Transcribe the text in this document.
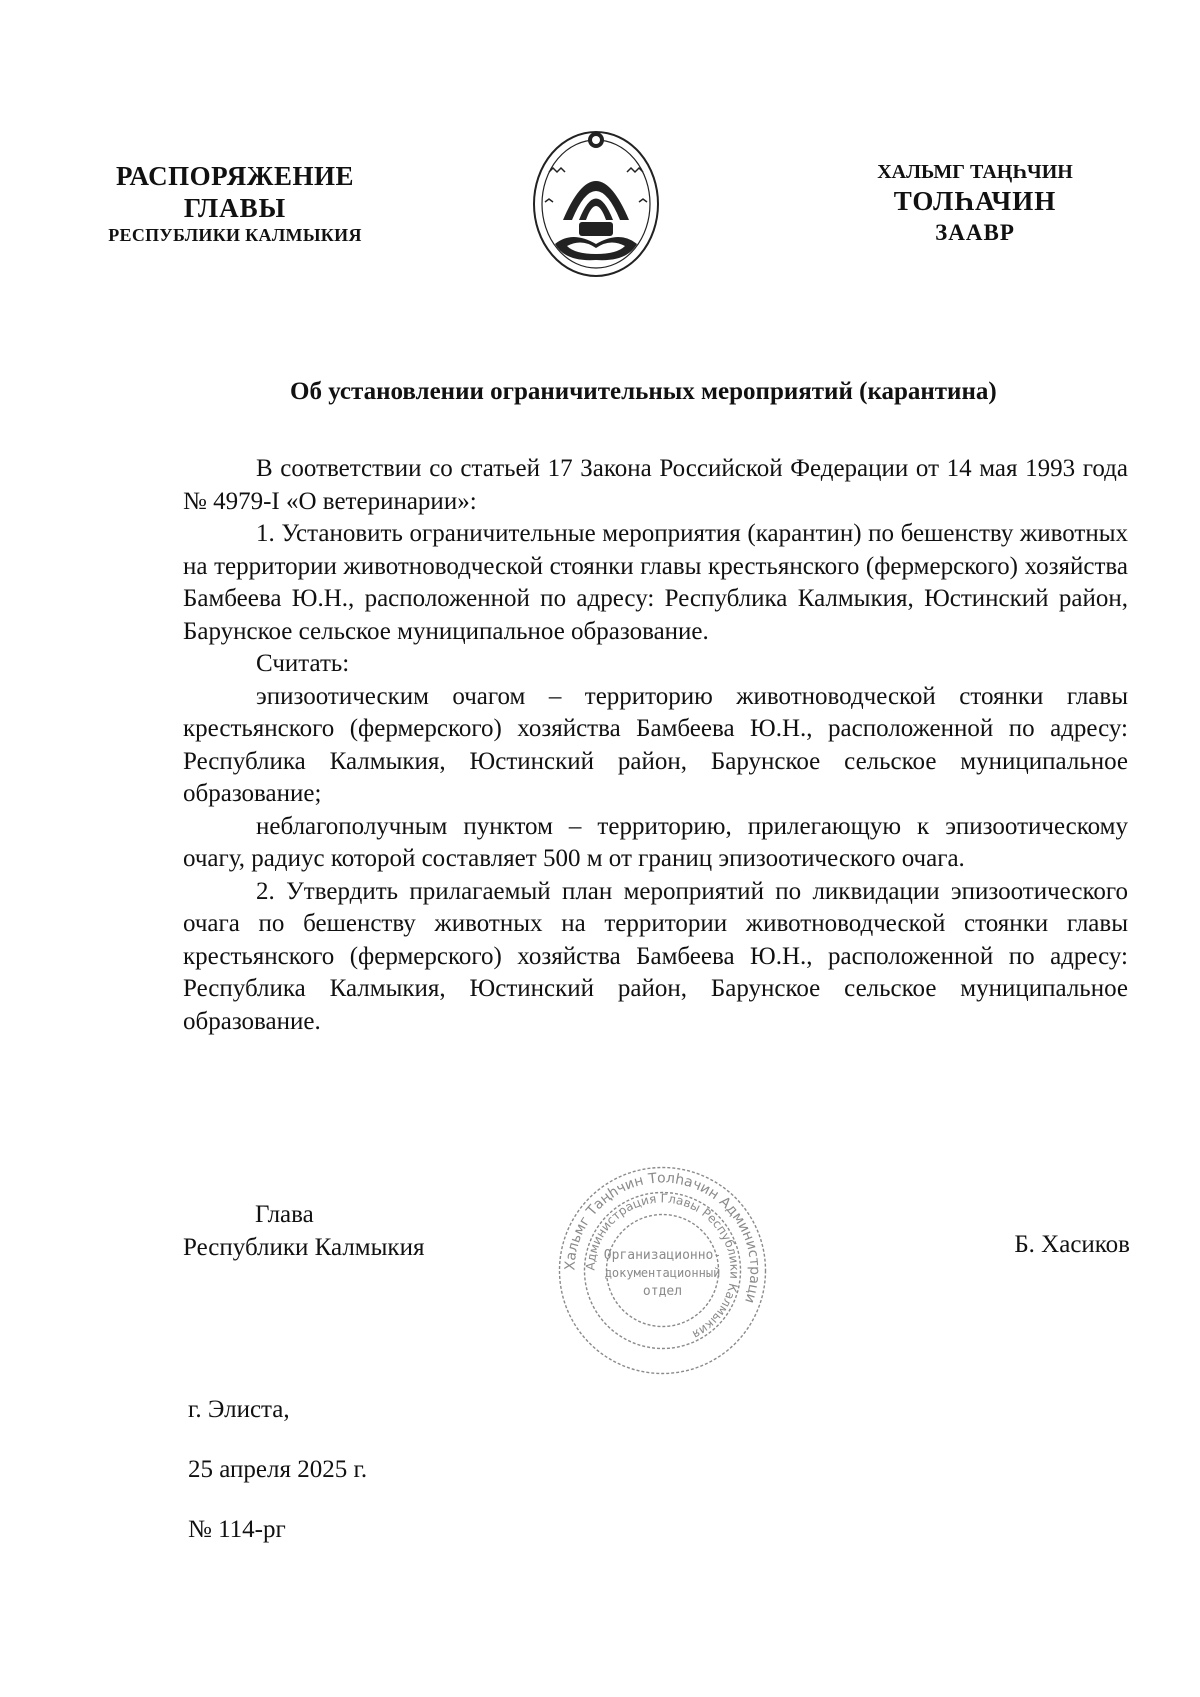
РАСПОРЯЖЕНИЕ
ГЛАВЫ
РЕСПУБЛИКИ КАЛМЫКИЯ
ХАЛЬМГ ТАҢҺЧИН
ТОЛҺАЧИН
ЗААВР
Об установлении ограничительных мероприятий (карантина)

В соответствии со статьей 17 Закона Российской Федерации от 14 мая 1993 года № 4979-I «О ветеринарии»:

1. Установить ограничительные мероприятия (карантин) по бешенству животных на территории животноводческой стоянки главы крестьянского (фермерского) хозяйства Бамбеева Ю.Н., расположенной по адресу: Республика Калмыкия, Юстинский район, Барунское сельское муниципальное образование.

Считать:

эпизоотическим очагом – территорию животноводческой стоянки главы крестьянского (фермерского) хозяйства Бамбеева Ю.Н., расположенной по адресу: Республика Калмыкия, Юстинский район, Барунское сельское муниципальное образование;

неблагополучным пунктом – территорию, прилегающую к эпизоотическому очагу, радиус которой составляет 500 м от границ эпизоотического очага.

2. Утвердить прилагаемый план мероприятий по ликвидации эпизоотического очага по бешенству животных на территории животноводческой стоянки главы крестьянского (фермерского) хозяйства Бамбеева Ю.Н., расположенной по адресу: Республика Калмыкия, Юстинский район, Барунское сельское муниципальное образование.

Глава
Республики Калмыкия
Хальмг Таңһчин Толһачин Администраци
Администрация Главы Республики Калмыкия
Организационно-
документационный
отдел
Б. Хасиков
г. Элиста,
25 апреля 2025 г.
№ 114-рг
